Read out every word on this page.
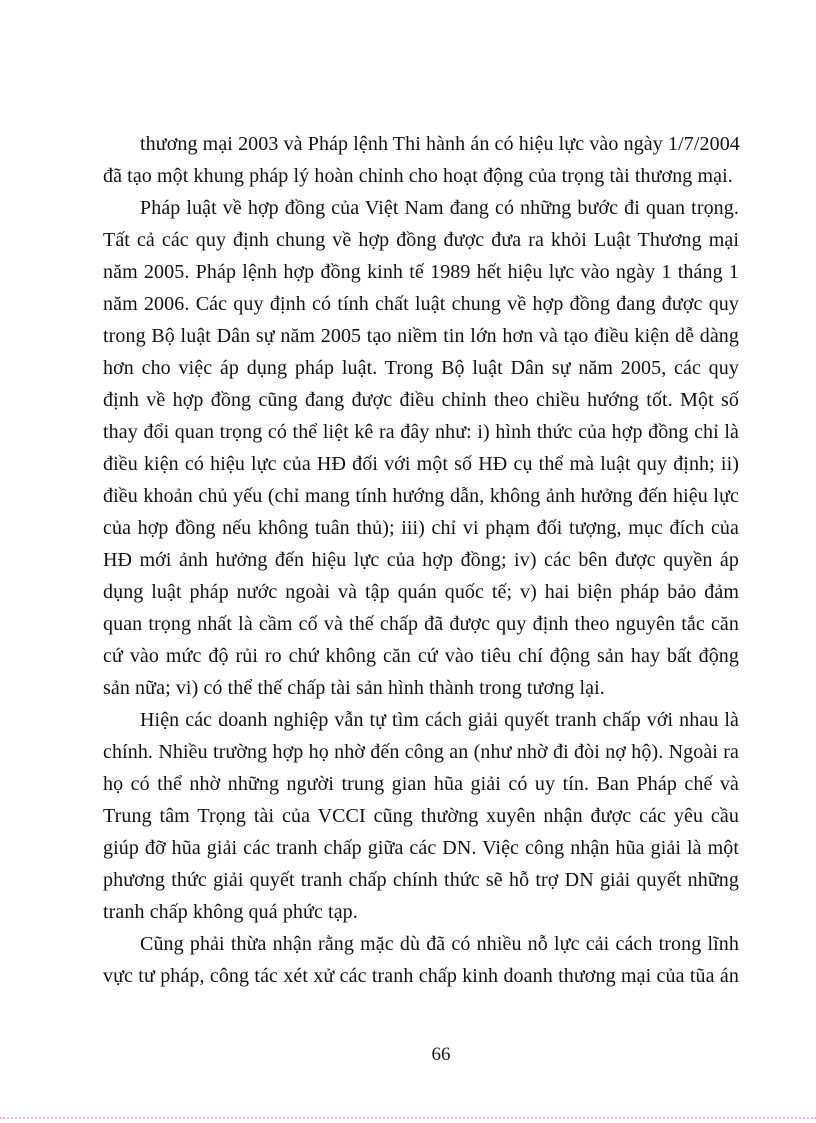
thương mại 2003 và Pháp lệnh Thi hành án có hiệu lực vào ngày 1/7/2004
đã tạo một khung pháp lý hoàn chỉnh cho hoạt động của trọng tài thương mại.
Pháp luật về hợp đồng của Việt Nam đang có những bước đi quan trọng.
Tất cả các quy định chung về hợp đồng được đưa ra khỏi Luật Thương mại
năm 2005. Pháp lệnh hợp đồng kinh tế 1989 hết hiệu lực vào ngày 1 tháng 1
năm 2006. Các quy định có tính chất luật chung về hợp đồng đang được quy
trong Bộ luật Dân sự năm 2005 tạo niềm tin lớn hơn và tạo điều kiện dễ dàng
hơn cho việc áp dụng pháp luật. Trong Bộ luật Dân sự năm 2005, các quy
định về hợp đồng cũng đang được điều chỉnh theo chiều hướng tốt. Một số
thay đổi quan trọng có thể liệt kê ra đây như: i) hình thức của hợp đồng chỉ là
điều kiện có hiệu lực của HĐ đối với một số HĐ cụ thể mà luật quy định; ii)
điều khoản chủ yếu (chỉ mang tính hướng dẫn, không ảnh hưởng đến hiệu lực
của hợp đồng nếu không tuân thủ); iii) chỉ vi phạm đối tượng, mục đích của
HĐ mới ảnh hưởng đến hiệu lực của hợp đồng; iv) các bên được quyền áp
dụng luật pháp nước ngoài và tập quán quốc tế; v) hai biện pháp bảo đảm
quan trọng nhất là cầm cố và thế chấp đã được quy định theo nguyên tắc căn
cứ vào mức độ rủi ro chứ không căn cứ vào tiêu chí động sản hay bất động
sản nữa; vi) có thể thế chấp tài sản hình thành trong tương lại.
Hiện các doanh nghiệp vẫn tự tìm cách giải quyết tranh chấp với nhau là
chính. Nhiều trường hợp họ nhờ đến công an (như nhờ đi đòi nợ hộ). Ngoài ra
họ có thể nhờ những người trung gian hũa giải có uy tín. Ban Pháp chế và
Trung tâm Trọng tài của VCCI cũng thường xuyên nhận được các yêu cầu
giúp đỡ hũa giải các tranh chấp giữa các DN. Việc công nhận hũa giải là một
phương thức giải quyết tranh chấp chính thức sẽ hỗ trợ DN giải quyết những
tranh chấp không quá phức tạp.
Cũng phải thừa nhận rằng mặc dù đã có nhiều nỗ lực cải cách trong lĩnh
vực tư pháp, công tác xét xử các tranh chấp kinh doanh thương mại của tũa án
66
